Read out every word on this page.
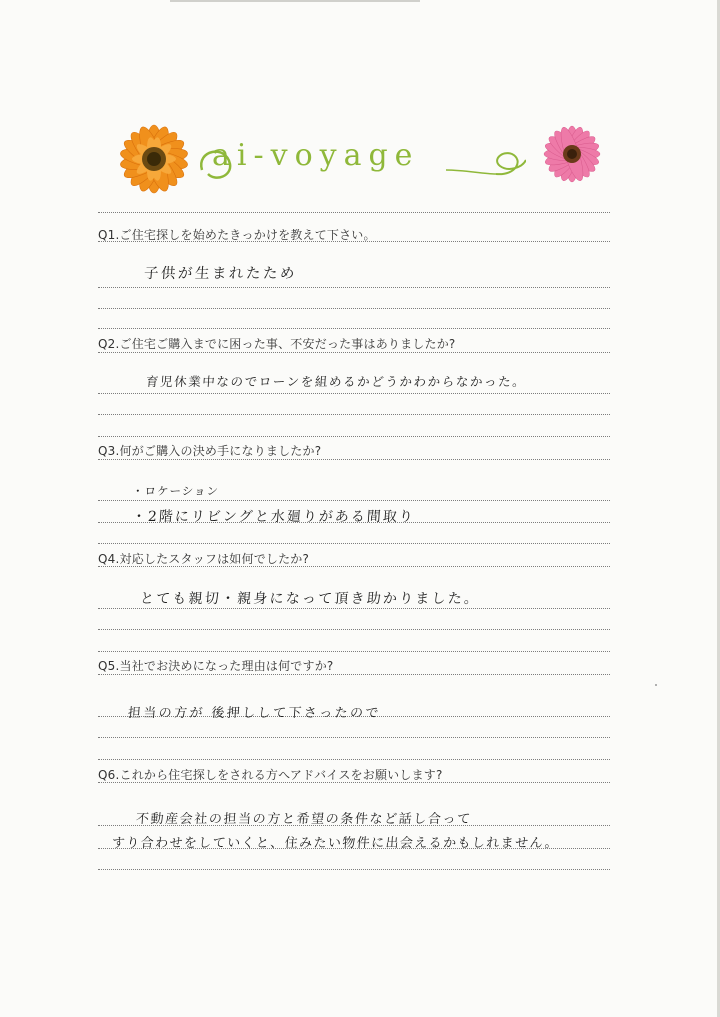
ai-voyage
Q1.ご住宅探しを始めたきっかけを教えて下さい。
Q2.ご住宅ご購入までに困った事、不安だった事はありましたか?
Q3.何がご購入の決め手になりましたか?
Q4.対応したスタッフは如何でしたか?
Q5.当社でお決めになった理由は何ですか?
Q6.これから住宅探しをされる方へアドバイスをお願いします?
子供が生まれたため
育児休業中なのでローンを組めるかどうかわからなかった。
・ロケーション
・2階にリビングと水廻りがある間取り
とても親切・親身になって頂き助かりました。
担当の方が 後押しして下さったので
不動産会社の担当の方と希望の条件など話し合って
すり合わせをしていくと、住みたい物件に出会えるかもしれません。
